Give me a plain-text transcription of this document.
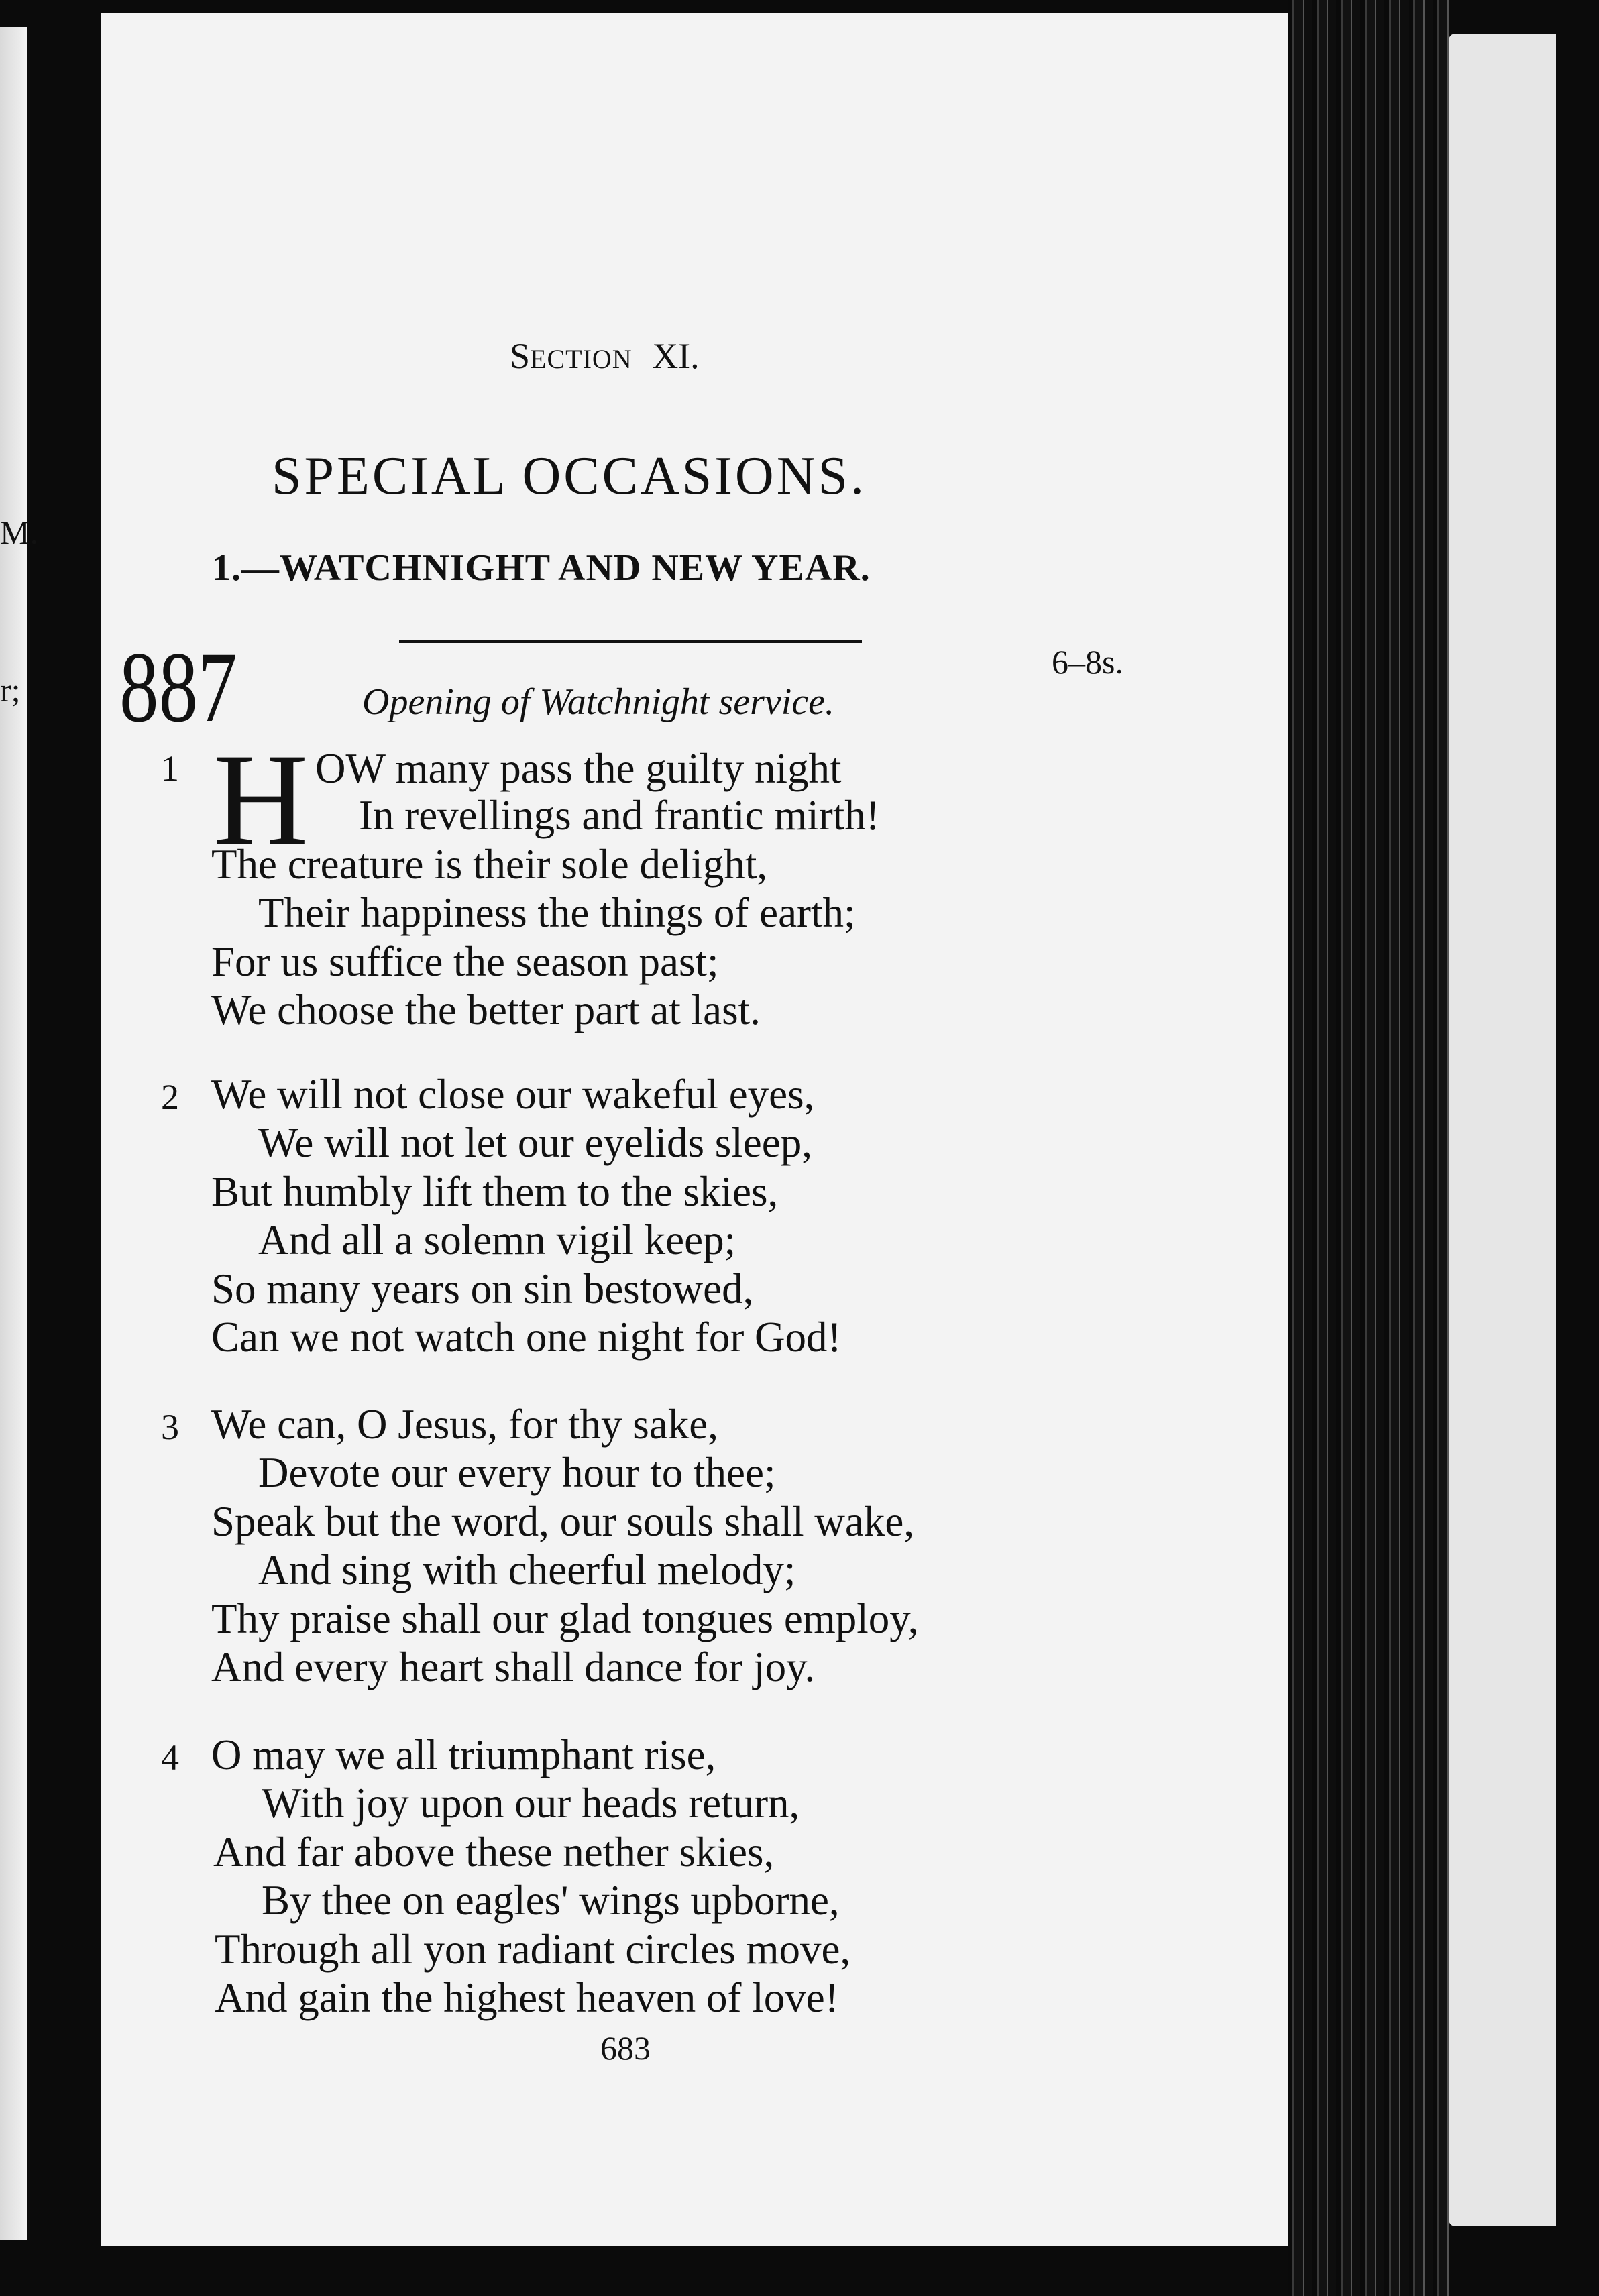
M.
r;
SECTION XI.
SPECIAL OCCASIONS.
1.—WATCHNIGHT AND NEW YEAR.
887	6–8s.
Opening of Watchnight service.
H
1	OW many pass the guilty night
In revellings and frantic mirth!
The creature is their sole delight,
Their happiness the things of earth;
For us suffice the season past;
We choose the better part at last.
2 We will not close our wakeful eyes,
We will not let our eyelids sleep,
But humbly lift them to the skies,
And all a solemn vigil keep;
So many years on sin bestowed,
Can we not watch one night for God!
3 We can, O Jesus, for thy sake,
Devote our every hour to thee;
Speak but the word, our souls shall wake,
And sing with cheerful melody;
Thy praise shall our glad tongues employ,
And every heart shall dance for joy.
4 O may we all triumphant rise,
With joy upon our heads return,
And far above these nether skies,
By thee on eagles' wings upborne,
Through all yon radiant circles move,
And gain the highest heaven of love!
683
